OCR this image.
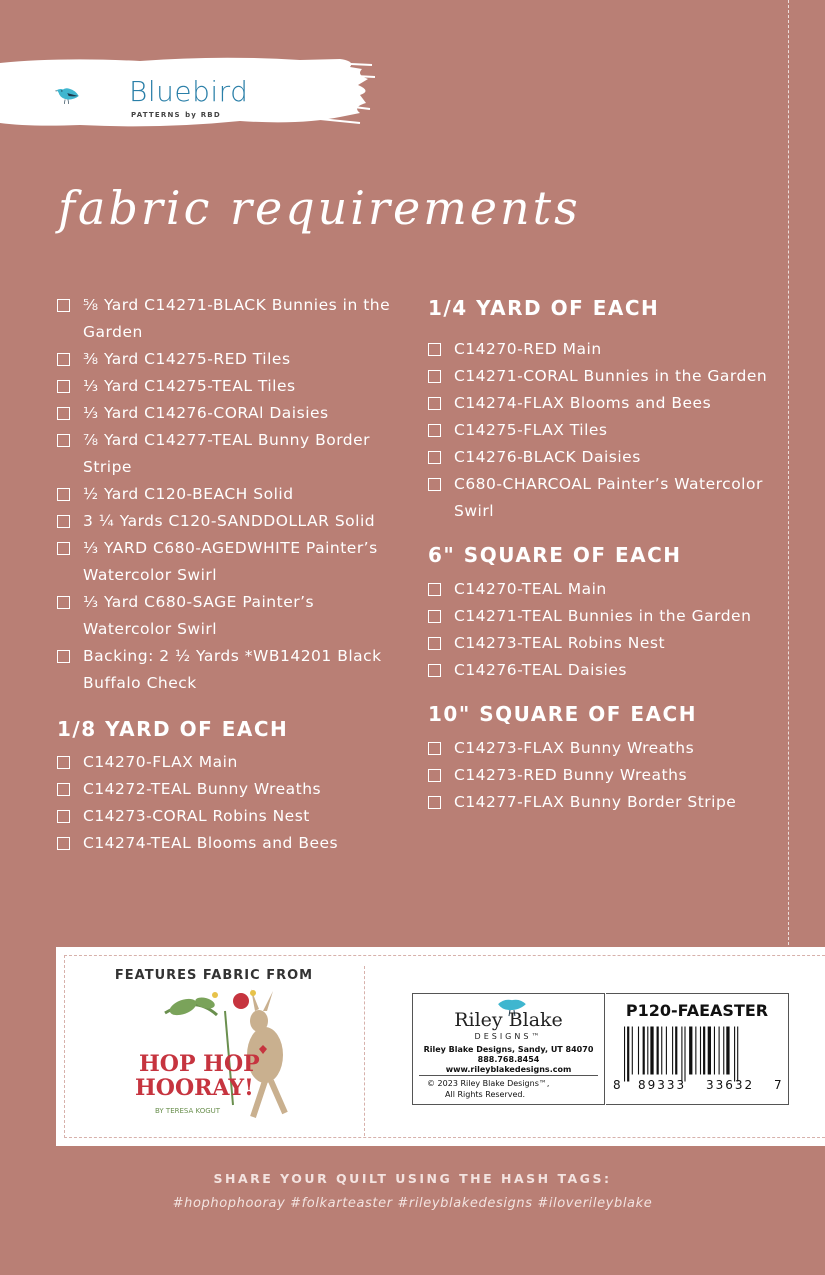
Bluebird
PATTERNS by RBD
fabric requirements
⅝ Yard C14271-BLACK Bunnies in the Garden
⅜ Yard C14275-RED Tiles
⅓ Yard C14275-TEAL Tiles
⅓ Yard C14276-CORAl Daisies
⅞ Yard C14277-TEAL Bunny Border Stripe
½ Yard C120-BEACH Solid
3 ¼ Yards C120-SANDDOLLAR Solid
⅓ YARD C680-AGEDWHITE Painter’s Watercolor Swirl
⅓ Yard C680-SAGE Painter’s Watercolor Swirl
Backing: 2 ½ Yards *WB14201 Black Buffalo Check
1/8 YARD OF EACH
C14270-FLAX Main
C14272-TEAL Bunny Wreaths
C14273-CORAL Robins Nest
C14274-TEAL Blooms and Bees
1/4 YARD OF EACH
C14270-RED Main
C14271-CORAL Bunnies in the Garden
C14274-FLAX Blooms and Bees
C14275-FLAX Tiles
C14276-BLACK Daisies
C680-CHARCOAL Painter’s Watercolor Swirl
6" SQUARE OF EACH
C14270-TEAL Main
C14271-TEAL Bunnies in the Garden
C14273-TEAL Robins Nest
C14276-TEAL Daisies
10" SQUARE OF EACH
C14273-FLAX Bunny Wreaths
C14273-RED Bunny Wreaths
C14277-FLAX Bunny Border Stripe
FEATURES FABRIC FROM
HOP HOP
HOORAY!
BY TERESA KOGUT
Riley Blake
DESIGNS™
Riley Blake Designs, Sandy, UT 84070
888.768.8454
www.rileyblakedesigns.com
© 2023 Riley Blake Designs™,
All Rights Reserved.
P120-FAEASTER
8 89333 33632 7
SHARE YOUR QUILT USING THE HASH TAGS:
#hophophooray #folkarteaster #rileyblakedesigns #iloverileyblake
